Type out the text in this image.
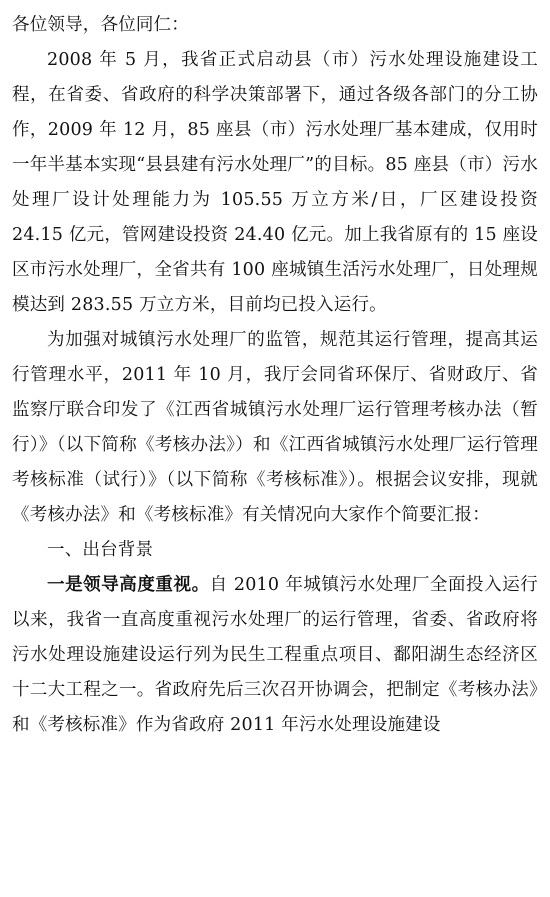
各位领导，各位同仁：

2008 年 5 月，我省正式启动县（市）污水处理设施建设工程，在省委、省政府的科学决策部署下，通过各级各部门的分工协作，2009 年 12 月，85 座县（市）污水处理厂基本建成，仅用时一年半基本实现“县县建有污水处理厂”的目标。85 座县（市）污水处理厂设计处理能力为 105.55 万立方米/日，厂区建设投资 24.15 亿元，管网建设投资 24.40 亿元。加上我省原有的 15 座设区市污水处理厂，全省共有 100 座城镇生活污水处理厂，日处理规模达到 283.55 万立方米，目前均已投入运行。

为加强对城镇污水处理厂的监管，规范其运行管理，提高其运行管理水平，2011 年 10 月，我厅会同省环保厅、省财政厅、省监察厅联合印发了《江西省城镇污水处理厂运行管理考核办法（暂行）》（以下简称《考核办法》）和《江西省城镇污水处理厂运行管理考核标准（试行）》（以下简称《考核标准》）。根据会议安排，现就《考核办法》和《考核标准》有关情况向大家作个简要汇报：

一、出台背景

一是领导高度重视。自 2010 年城镇污水处理厂全面投入运行以来，我省一直高度重视污水处理厂的运行管理，省委、省政府将污水处理设施建设运行列为民生工程重点项目、鄱阳湖生态经济区十二大工程之一。省政府先后三次召开协调会，把制定《考核办法》和《考核标准》作为省政府 2011 年污水处理设施建设
